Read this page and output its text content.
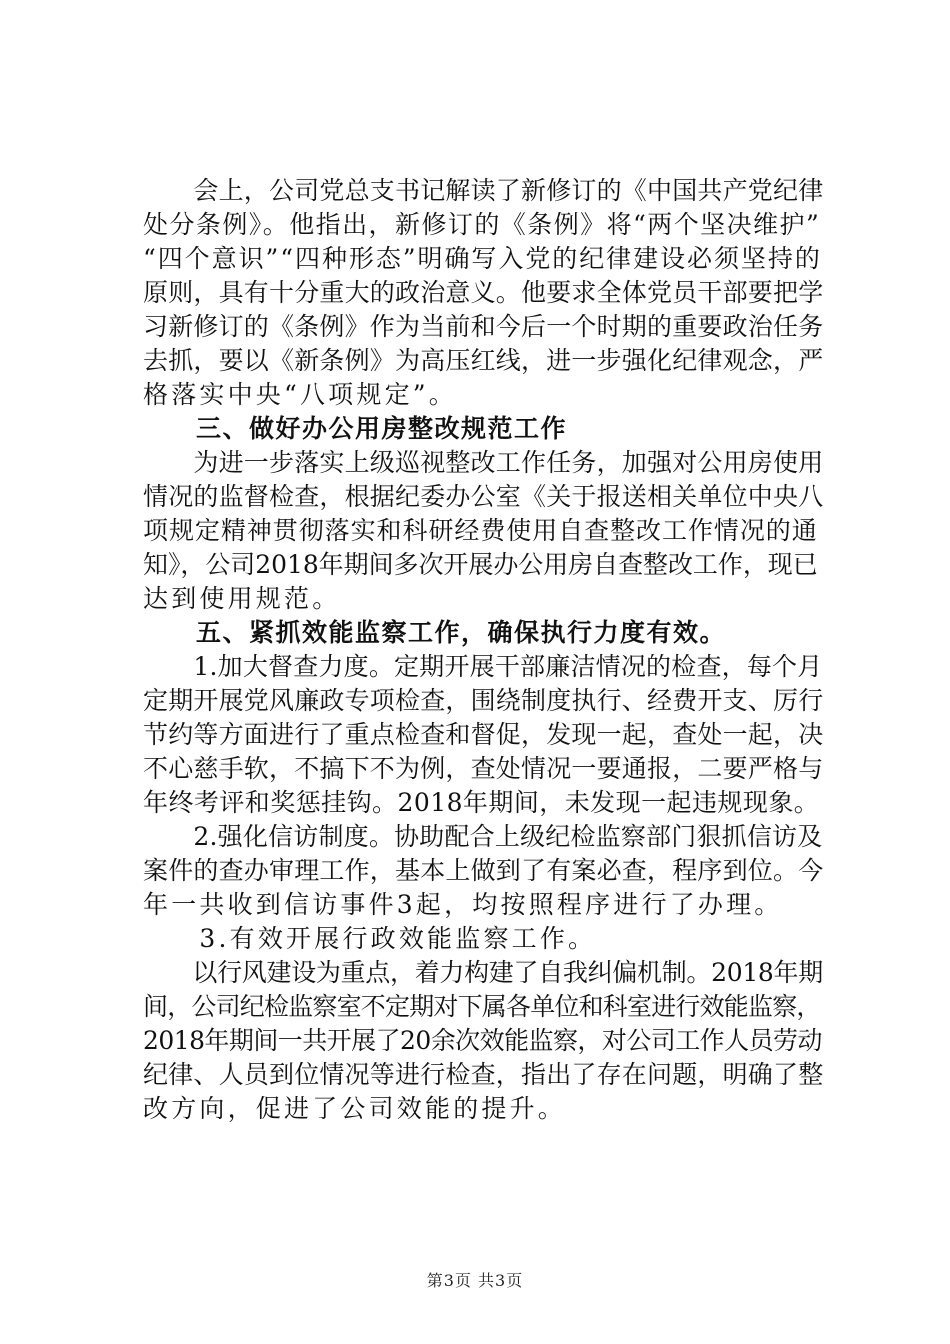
　　会上，公司党总支书记解读了新修订的《中国共产党纪律
处分条例》。他指出，新修订的《条例》将“两个坚决维护”
“四个意识”“四种形态”明确写入党的纪律建设必须坚持的
原则，具有十分重大的政治意义。他要求全体党员干部要把学
习新修订的《条例》作为当前和今后一个时期的重要政治任务
去抓，要以《新条例》为高压红线，进一步强化纪律观念，严
格落实中央“八项规定”。
　　三、做好办公用房整改规范工作
　　为进一步落实上级巡视整改工作任务，加强对公用房使用
情况的监督检查，根据纪委办公室《关于报送相关单位中央八
项规定精神贯彻落实和科研经费使用自查整改工作情况的通
知》，公司2018年期间多次开展办公用房自查整改工作，现已
达到使用规范。
　　五、紧抓效能监察工作，确保执行力度有效。
　　1.加大督查力度。定期开展干部廉洁情况的检查，每个月
定期开展党风廉政专项检查，围绕制度执行、经费开支、厉行
节约等方面进行了重点检查和督促，发现一起，查处一起，决
不心慈手软，不搞下不为例，查处情况一要通报，二要严格与
年终考评和奖惩挂钩。2018年期间，未发现一起违规现象。
　　2.强化信访制度。协助配合上级纪检监察部门狠抓信访及
案件的查办审理工作，基本上做到了有案必查，程序到位。今
年一共收到信访事件3起，均按照程序进行了办理。
　　3.有效开展行政效能监察工作。
　　以行风建设为重点，着力构建了自我纠偏机制。2018年期
间，公司纪检监察室不定期对下属各单位和科室进行效能监察，
2018年期间一共开展了20余次效能监察，对公司工作人员劳动
纪律、人员到位情况等进行检查，指出了存在问题，明确了整
改方向，促进了公司效能的提升。
第3页 共3页
